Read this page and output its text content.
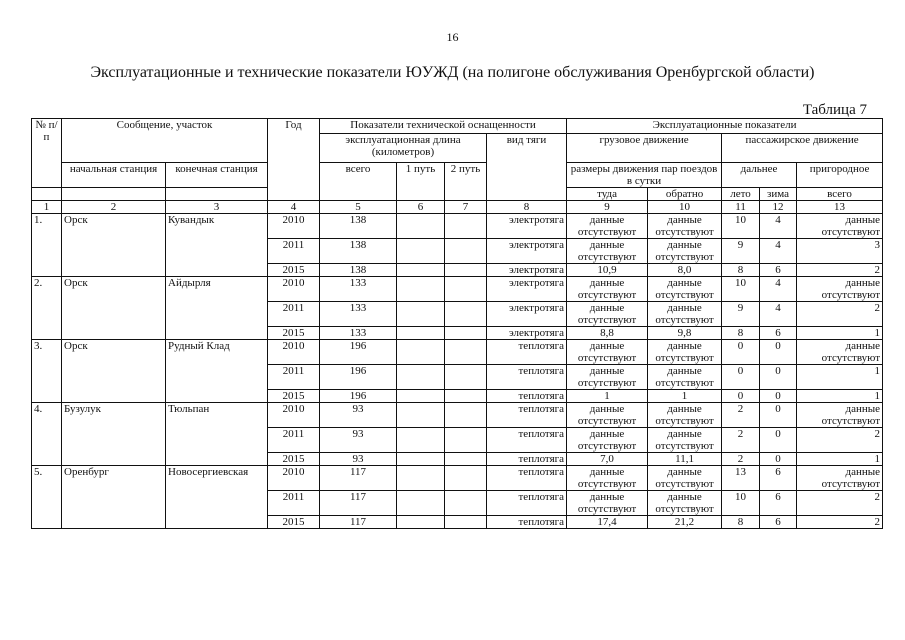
16
Эксплуатационные и технические показатели ЮУЖД (на полигоне обслуживания Оренбургской области)
Таблица 7
№ п/п	Сообщение, участок		Год	Показатели технической оснащенности				Эксплуатационные показатели				
				эксплуатационная длина (километров)			вид тяги	грузовое движение		пассажирское движение		
	начальная станция	конечная станция		всего	1 путь	2 путь		размеры движения пар поездов в сутки		дальнее		пригородное
								туда	обратно	лето	зима	всего
1	2	3	4	5	6	7	8	9	10	11	12	13
1.	Орск	Кувандык	2010	138			электротяга	данные отсутствуют	данные отсутствуют	10	4	данные отсутствуют
			2011	138			электротяга	данные отсутствуют	данные отсутствуют	9	4	3
			2015	138			электротяга	10,9	8,0	8	6	2
2.	Орск	Айдырля	2010	133			электротяга	данные отсутствуют	данные отсутствуют	10	4	данные отсутствуют
			2011	133			электротяга	данные отсутствуют	данные отсутствуют	9	4	2
			2015	133			электротяга	8,8	9,8	8	6	1
3.	Орск	Рудный Клад	2010	196			теплотяга	данные отсутствуют	данные отсутствуют	0	0	данные отсутствуют
			2011	196			теплотяга	данные отсутствуют	данные отсутствуют	0	0	1
			2015	196			теплотяга	1	1	0	0	1
4.	Бузулук	Тюльпан	2010	93			теплотяга	данные отсутствуют	данные отсутствуют	2	0	данные отсутствуют
			2011	93			теплотяга	данные отсутствуют	данные отсутствуют	2	0	2
			2015	93			теплотяга	7,0	11,1	2	0	1
5.	Оренбург	Новосергиевская	2010	117			теплотяга	данные отсутствуют	данные отсутствуют	13	6	данные отсутствуют
			2011	117			теплотяга	данные отсутствуют	данные отсутствуют	10	6	2
			2015	117			теплотяга	17,4	21,2	8	6	2
